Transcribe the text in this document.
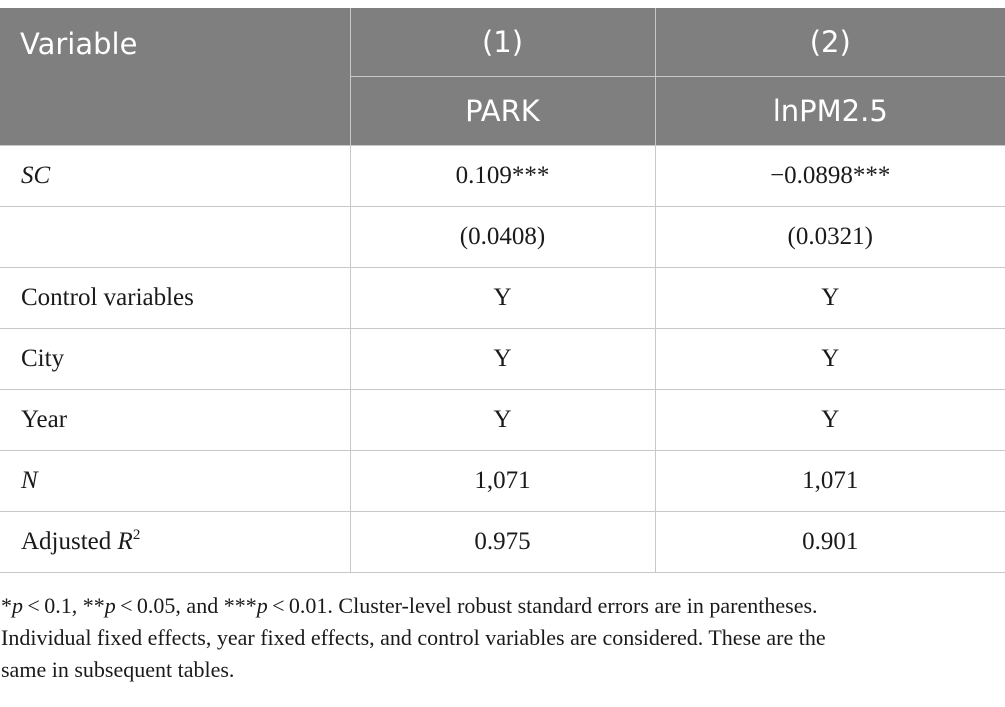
Variable	(1)	(2)
	PARK	lnPM2.5
SC	0.109***	−0.0898***
	(0.0408)	(0.0321)
Control variables	Y	Y
City	Y	Y
Year	Y	Y
N	1,071	1,071
Adjusted $R^2$	0.975	0.901
*p < 0.1, **p < 0.05, and ***p < 0.01. Cluster-level robust standard errors are in parentheses.
Individual fixed effects, year fixed effects, and control variables are considered. These are the
same in subsequent tables.
